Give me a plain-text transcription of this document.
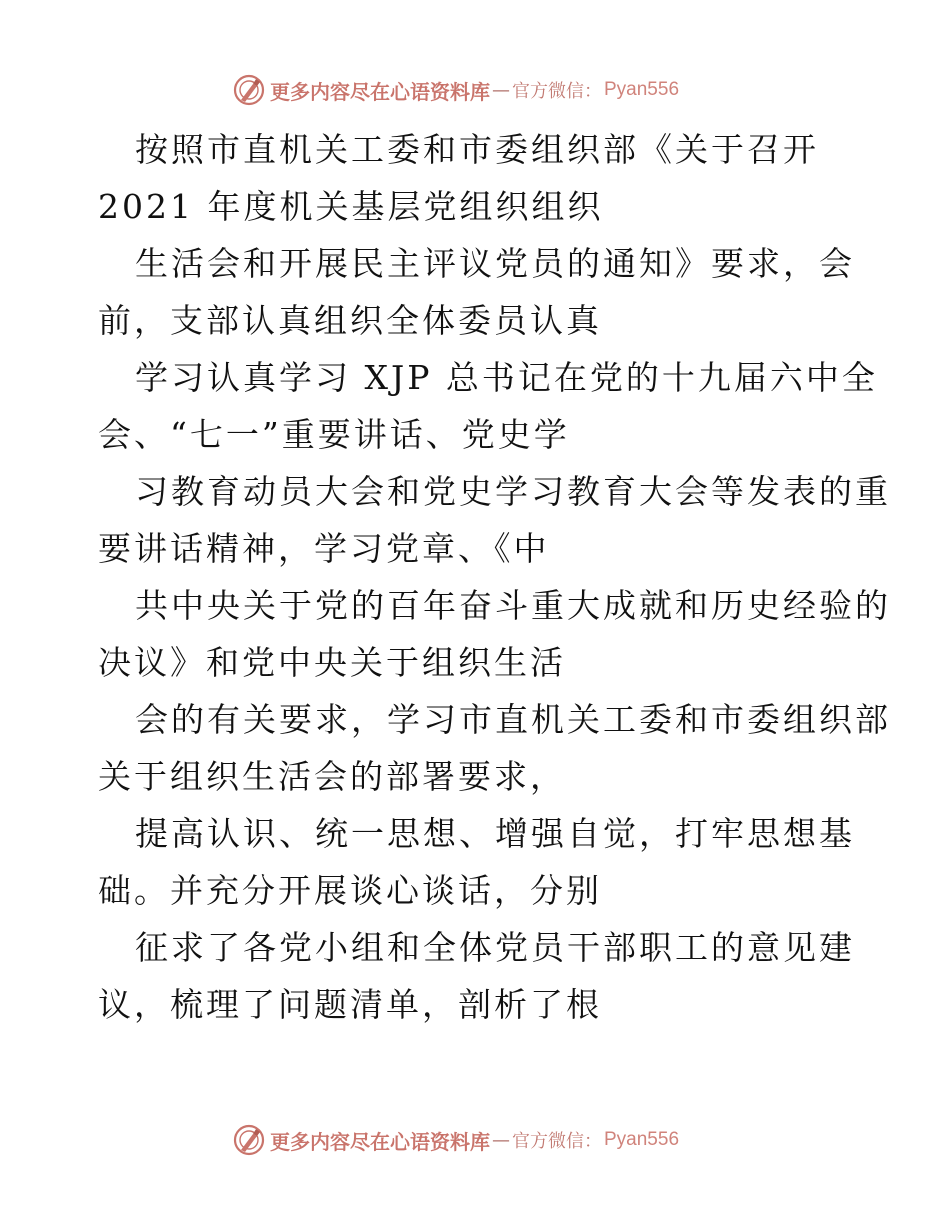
更多内容尽在心语资料库 — 官方微信： Pyan556
按照市直机关工委和市委组织部《关于召开
2021 年度机关基层党组织组织
生活会和开展民主评议党员的通知》要求，会
前，支部认真组织全体委员认真
学习认真学习 XJP 总书记在党的十九届六中全
会、“七一”重要讲话、党史学
习教育动员大会和党史学习教育大会等发表的重
要讲话精神，学习党章、《中
共中央关于党的百年奋斗重大成就和历史经验的
决议》和党中央关于组织生活
会的有关要求，学习市直机关工委和市委组织部
关于组织生活会的部署要求，
提高认识、统一思想、增强自觉，打牢思想基
础。并充分开展谈心谈话，分别
征求了各党小组和全体党员干部职工的意见建
议，梳理了问题清单，剖析了根
更多内容尽在心语资料库 — 官方微信： Pyan556
